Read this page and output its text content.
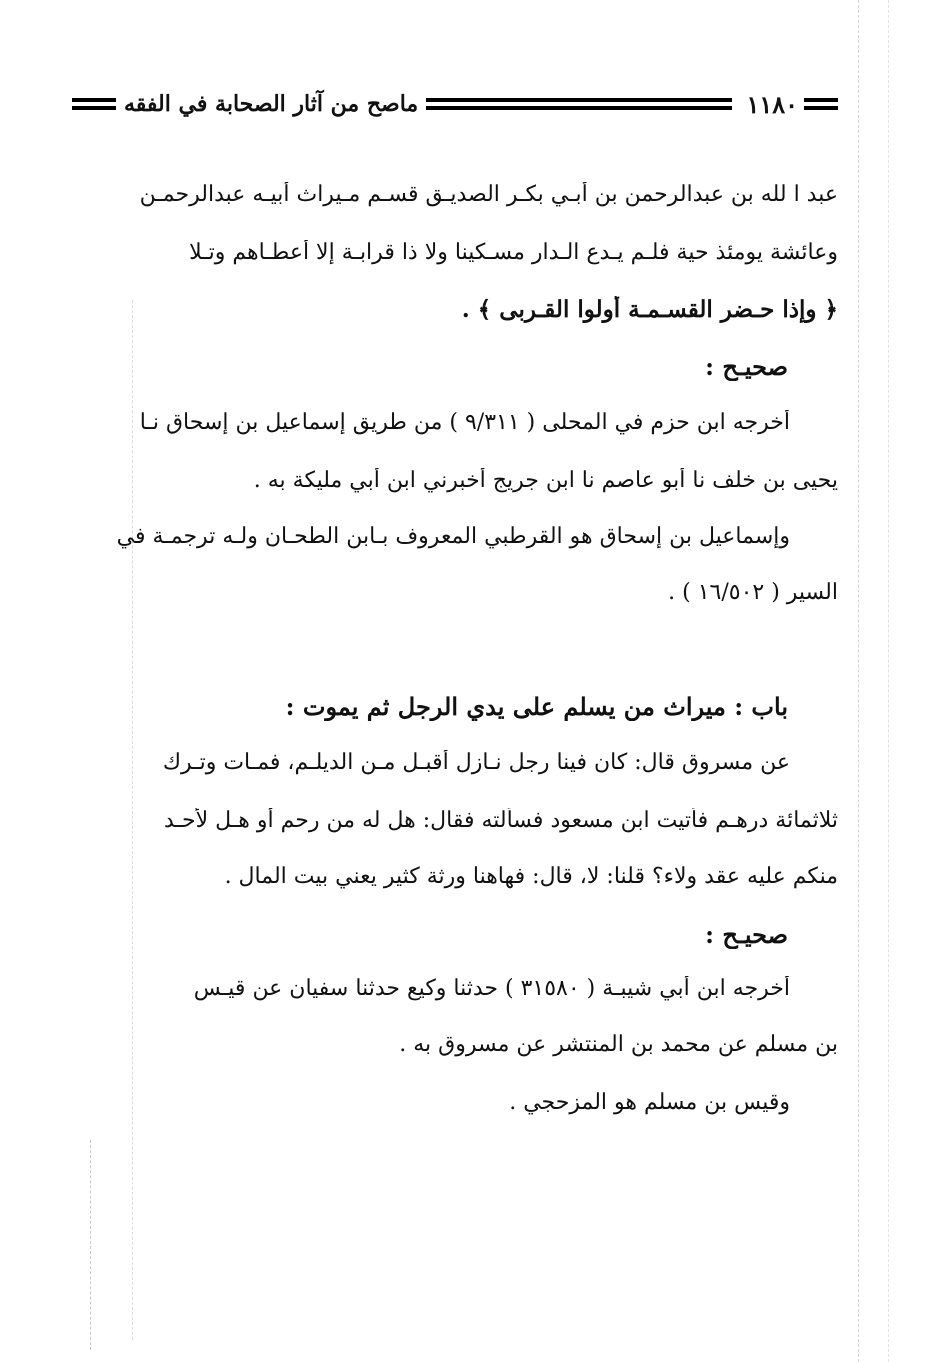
١١٨٠
ماصح من آثار الصحابة في الفقه
عبد ا لله بن عبدالرحمن بن أبـي بكـر الصديـق قسـم مـيراث أبيـه عبدالرحمـن
وعائشة يومئذ حية فلـم يـدع الـدار مسـكينا ولا ذا قرابـة إلا أعطـاهم وتـلا
﴿ وإذا حـضر القسـمـة أولوا القـربى ﴾ .
صحيـح :
أخرجه ابن حزم في المحلى ( ٩/٣١١ ) من طريق إسماعيل بن إسحاق نـا
يحيى بن خلف نا أبو عاصم نا ابن جريج أخبرني ابن أبي مليكة به .
وإسماعيل بن إسحاق هو القرطبي المعروف بـابن الطحـان ولـه ترجمـة في
السير ( ١٦/٥٠٢ ) .
باب : ميراث من يسلم على يدي الرجل ثم يموت :
عن مسروق قال: كان فينا رجل نـازل أقبـل مـن الديلـم، فمـات وتـرك
ثلاثمائة درهـم فأتيت ابن مسعود فسألته فقال: هل له من رحم أو هـل لأحـد
منكم عليه عقد ولاء؟ قلنا: لا، قال: فهاهنا ورثة كثير يعني بيت المال .
صحيـح :
أخرجه ابن أبي شيبـة ( ٣١٥٨٠ ) حدثنا وكيع حدثنا سفيان عن قيـس
بن مسلم عن محمد بن المنتشر عن مسروق به .
وقيس بن مسلم هو المزحجي .
